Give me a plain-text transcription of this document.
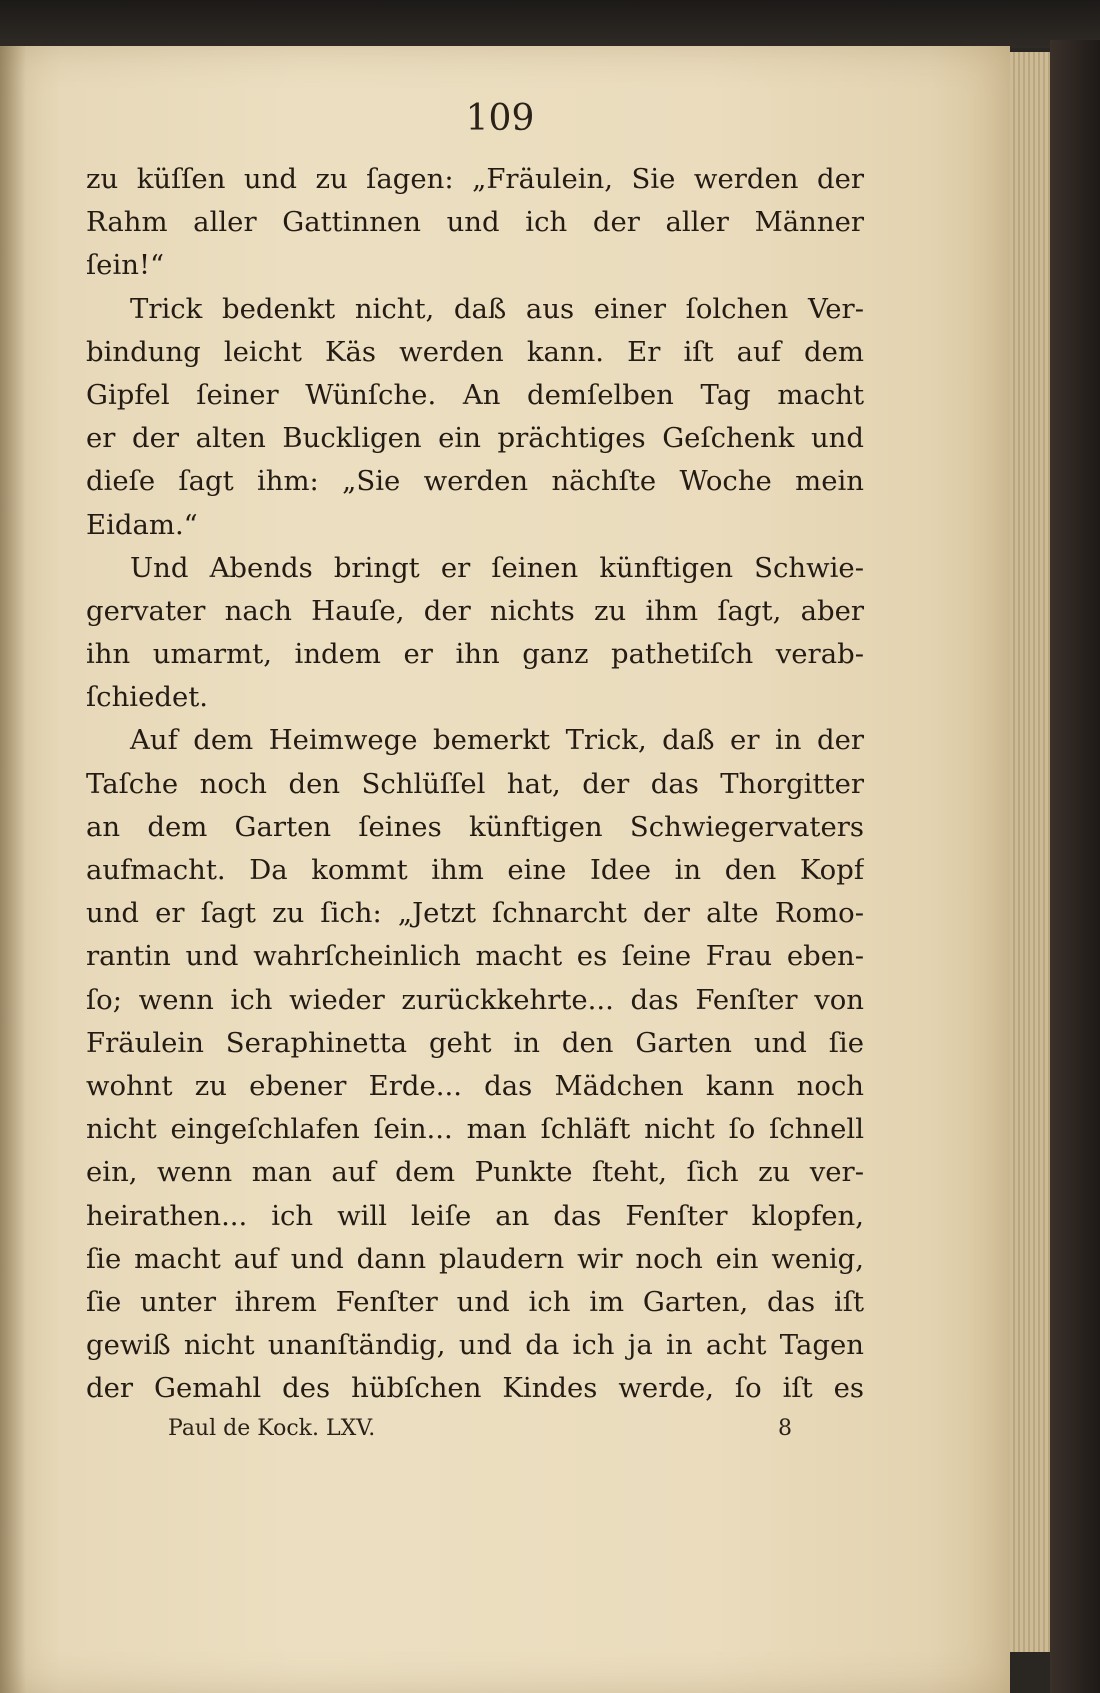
109
zu küſſen und zu ſagen: „Fräulein, Sie werden der
Rahm aller Gattinnen und ich der aller Männer
ſein!“
Trick bedenkt nicht, daß aus einer ſolchen Ver-
bindung leicht Käs werden kann. Er iſt auf dem
Gipfel ſeiner Wünſche. An demſelben Tag macht
er der alten Buckligen ein prächtiges Geſchenk und
dieſe ſagt ihm: „Sie werden nächſte Woche mein
Eidam.“
Und Abends bringt er ſeinen künftigen Schwie-
gervater nach Hauſe, der nichts zu ihm ſagt, aber
ihn umarmt, indem er ihn ganz pathetiſch verab-
ſchiedet.
Auf dem Heimwege bemerkt Trick, daß er in der
Taſche noch den Schlüſſel hat, der das Thorgitter
an dem Garten ſeines künftigen Schwiegervaters
aufmacht. Da kommt ihm eine Idee in den Kopf
und er ſagt zu ſich: „Jetzt ſchnarcht der alte Romo-
rantin und wahrſcheinlich macht es ſeine Frau eben-
ſo; wenn ich wieder zurückkehrte... das Fenſter von
Fräulein Seraphinetta geht in den Garten und ſie
wohnt zu ebener Erde... das Mädchen kann noch
nicht eingeſchlafen ſein... man ſchläft nicht ſo ſchnell
ein, wenn man auf dem Punkte ſteht, ſich zu ver-
heirathen... ich will leiſe an das Fenſter klopfen,
ſie macht auf und dann plaudern wir noch ein wenig,
ſie unter ihrem Fenſter und ich im Garten, das iſt
gewiß nicht unanſtändig, und da ich ja in acht Tagen
der Gemahl des hübſchen Kindes werde, ſo iſt es
Paul de Kock. LXV.	8
